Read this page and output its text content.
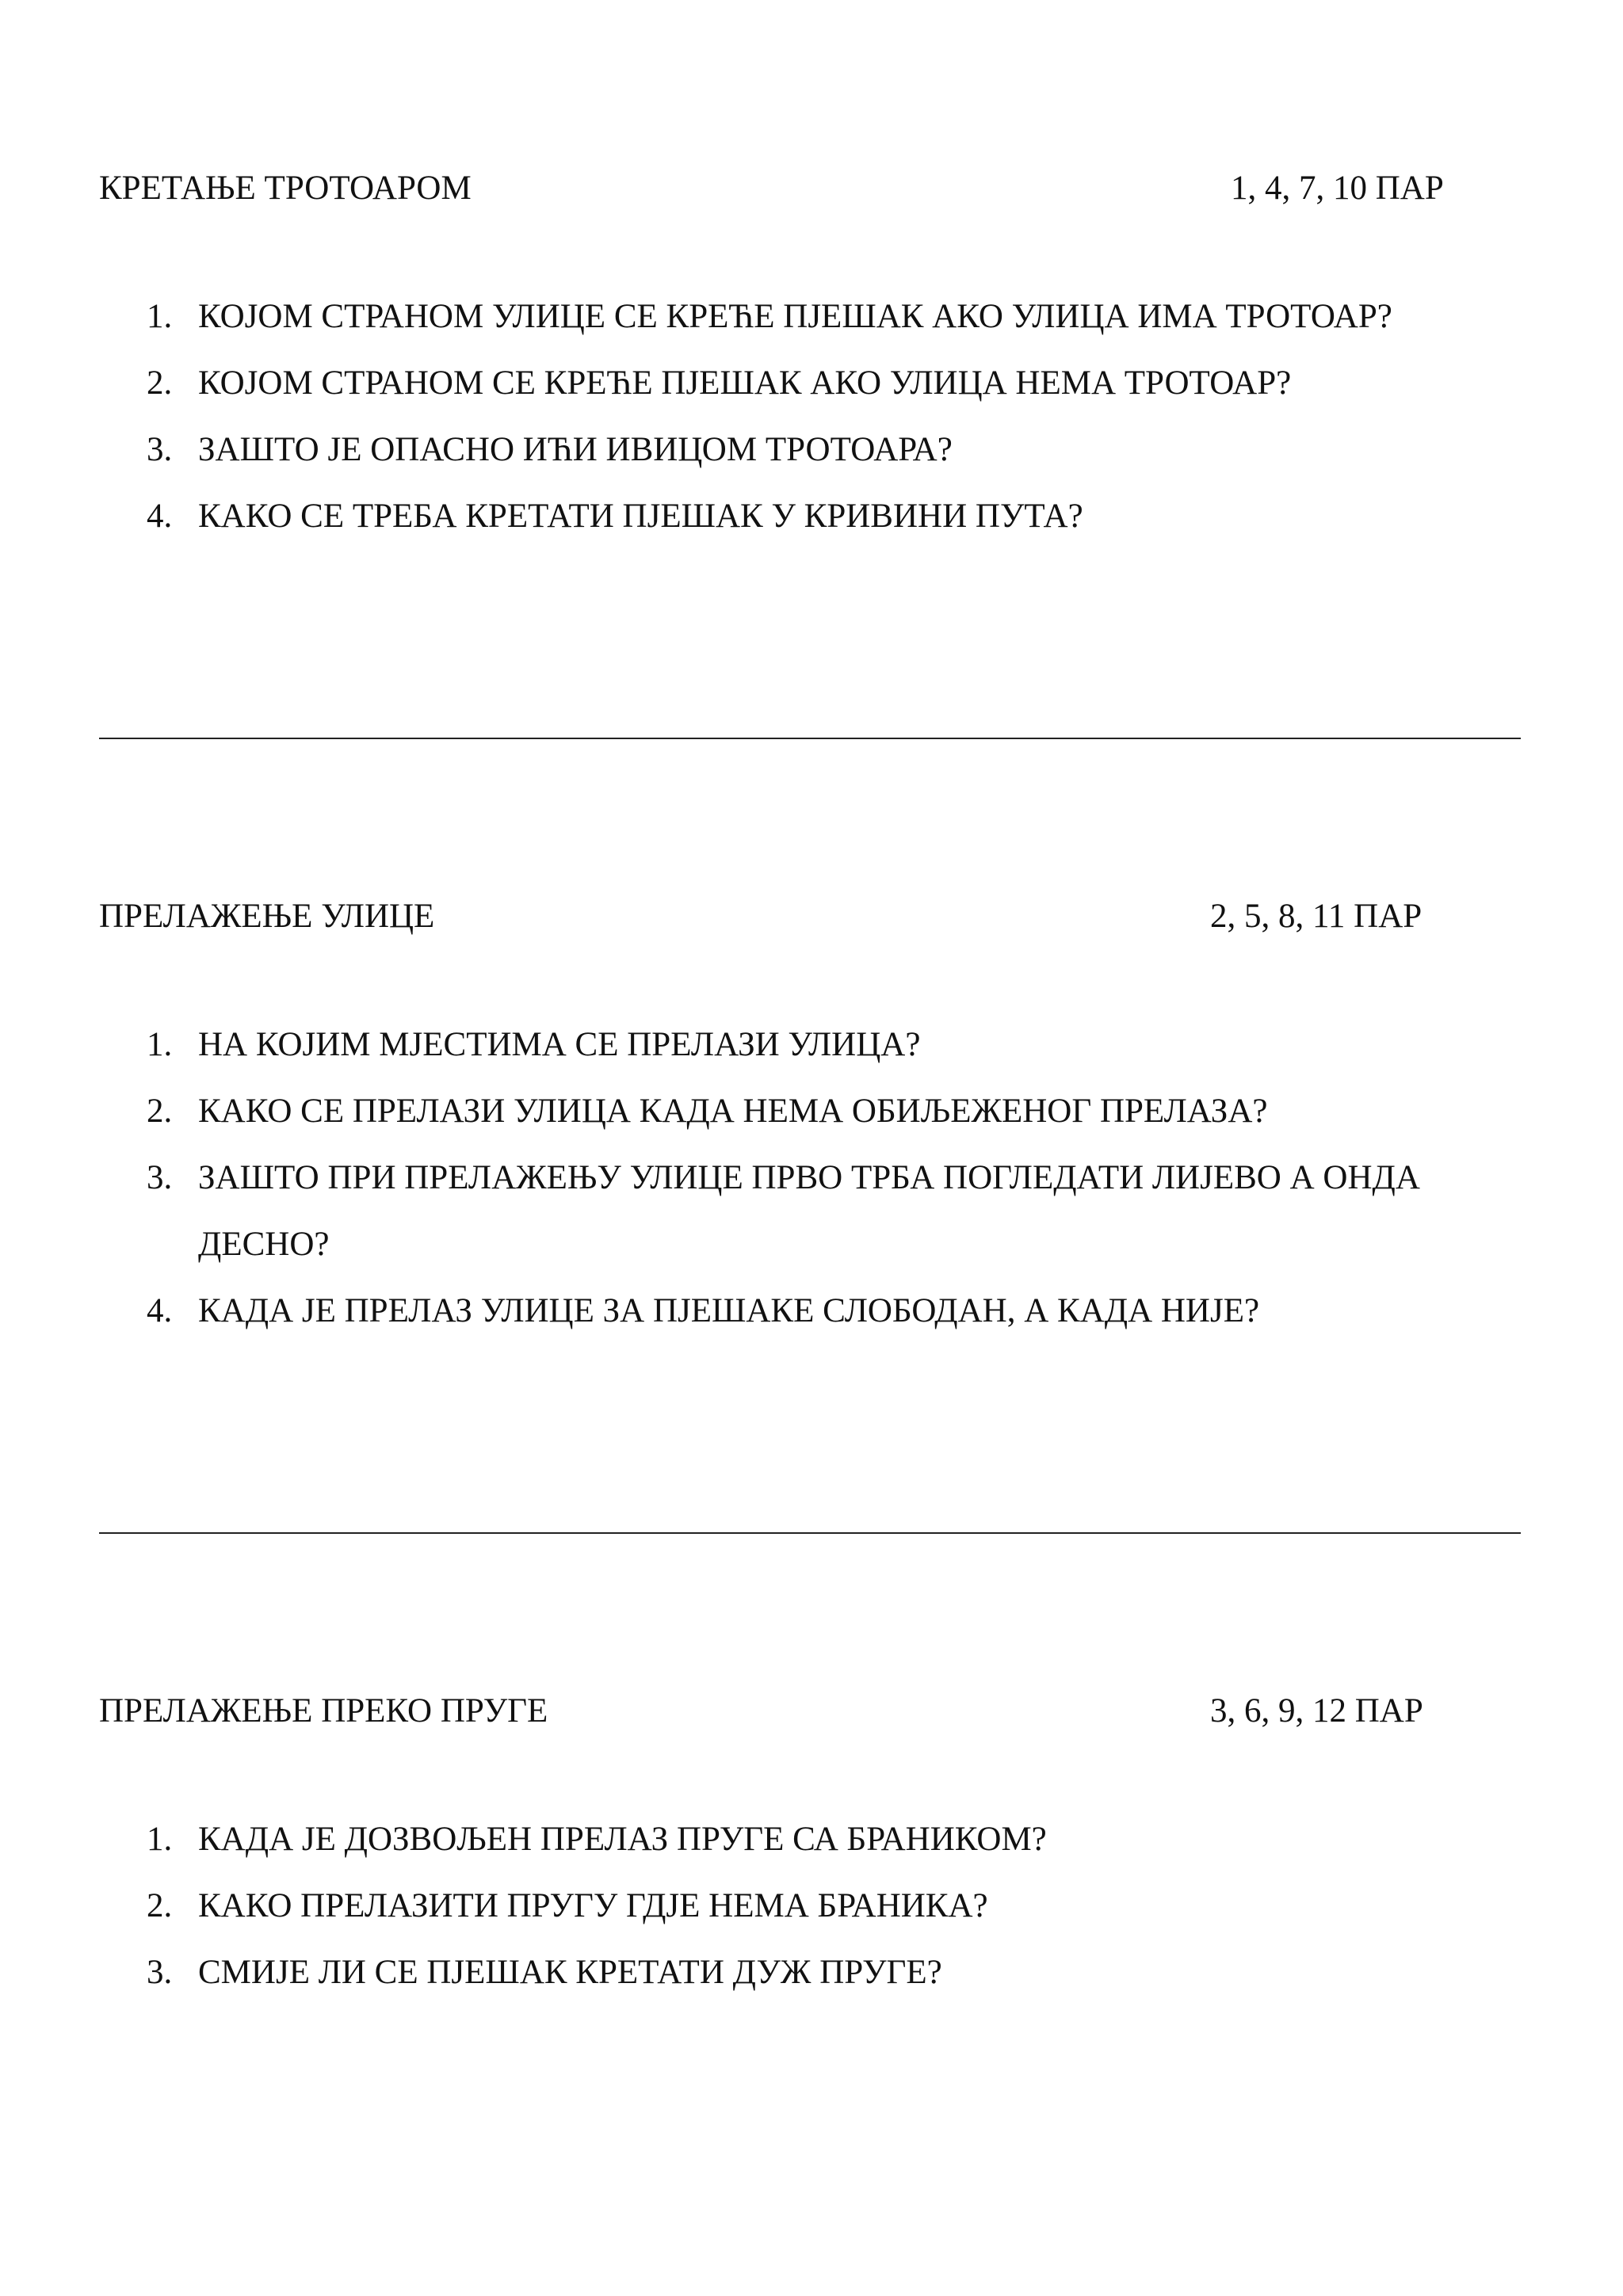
КРЕТАЊЕ ТРОТОАРОМ	1, 4, 7, 10 ПАР
1. КОЈОМ СТРАНОМ УЛИЦЕ СЕ КРЕЋЕ ПЈЕШАК АКО УЛИЦА ИМА ТРОТОАР?
2. КОЈОМ СТРАНОМ СЕ КРЕЋЕ ПЈЕШАК АКО УЛИЦА НЕМА ТРОТОАР?
3. ЗАШТО ЈЕ ОПАСНО ИЋИ ИВИЦОМ ТРОТОАРА?
4. КАКО СЕ ТРЕБА КРЕТАТИ ПЈЕШАК У КРИВИНИ ПУТА?
ПРЕЛАЖЕЊЕ УЛИЦЕ	2, 5, 8, 11 ПАР
1. НА КОЈИМ МЈЕСТИМА СЕ ПРЕЛАЗИ УЛИЦА?
2. КАКО СЕ ПРЕЛАЗИ УЛИЦА КАДА НЕМА ОБИЉЕЖЕНОГ ПРЕЛАЗА?
3. ЗАШТО ПРИ ПРЕЛАЖЕЊУ УЛИЦЕ ПРВО ТРБА ПОГЛЕДАТИ ЛИЈЕВО А ОНДА ДЕСНО?
4. КАДА ЈЕ ПРЕЛАЗ УЛИЦЕ ЗА ПЈЕШАКЕ СЛОБОДАН, А КАДА НИЈЕ?
ПРЕЛАЖЕЊЕ ПРЕКО ПРУГЕ	3, 6, 9, 12 ПАР
1. КАДА ЈЕ ДОЗВОЉЕН ПРЕЛАЗ ПРУГЕ СА БРАНИКОМ?
2. КАКО ПРЕЛАЗИТИ ПРУГУ ГДЈЕ НЕМА БРАНИКА?
3. СМИЈЕ ЛИ СЕ ПЈЕШАК КРЕТАТИ ДУЖ ПРУГЕ?
